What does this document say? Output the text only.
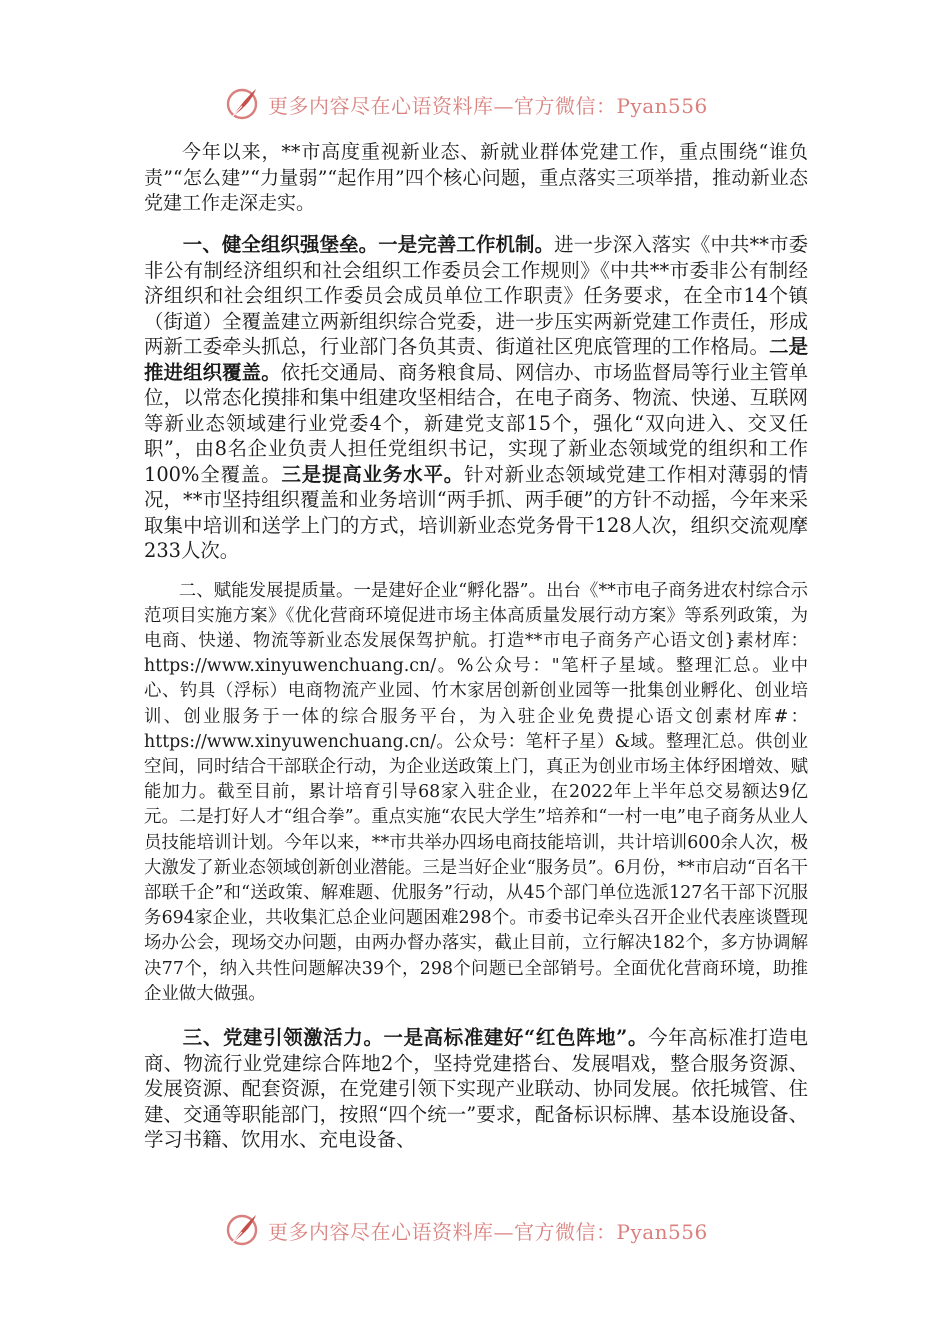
更多内容尽在心语资料库—官方微信：Pyan556

今年以来，**市高度重视新业态、新就业群体党建工作，重点围绕“谁负责”“怎么建”“力量弱”“起作用”四个核心问题，重点落实三项举措，推动新业态党建工作走深走实。

一、健全组织强堡垒。一是完善工作机制。进一步深入落实《中共**市委非公有制经济组织和社会组织工作委员会工作规则》《中共**市委非公有制经济组织和社会组织工作委员会成员单位工作职责》任务要求，在全市14个镇（街道）全覆盖建立两新组织综合党委，进一步压实两新党建工作责任，形成两新工委牵头抓总，行业部门各负其责、街道社区兜底管理的工作格局。二是推进组织覆盖。依托交通局、商务粮食局、网信办、市场监督局等行业主管单位，以常态化摸排和集中组建攻坚相结合，在电子商务、物流、快递、互联网等新业态领域建行业党委4个，新建党支部15个，强化“双向进入、交叉任职”，由8名企业负责人担任党组织书记，实现了新业态领域党的组织和工作100%全覆盖。三是提高业务水平。针对新业态领域党建工作相对薄弱的情况，**市坚持组织覆盖和业务培训“两手抓、两手硬”的方针不动摇，今年来采取集中培训和送学上门的方式，培训新业态党务骨干128人次，组织交流观摩233人次。

二、赋能发展提质量。一是建好企业“孵化器”。出台《**市电子商务进农村综合示范项目实施方案》《优化营商环境促进市场主体高质量发展行动方案》等系列政策，为电商、快递、物流等新业态发展保驾护航。打造**市电子商务产心语文创}素材库：https://www.xinyuwenchuang.cn/。%公众号："笔杆子星域。整理汇总。业中心、钓具（浮标）电商物流产业园、竹木家居创新创业园等一批集创业孵化、创业培训、创业服务于一体的综合服务平台，为入驻企业免费提心语文创素材库#：https://www.xinyuwenchuang.cn/。公众号：笔杆子星）&域。整理汇总。供创业空间，同时结合干部联企行动，为企业送政策上门，真正为创业市场主体纾困增效、赋能加力。截至目前，累计培育引导68家入驻企业，在2022年上半年总交易额达9亿元。二是打好人才“组合拳”。重点实施“农民大学生”培养和“一村一电”电子商务从业人员技能培训计划。今年以来，**市共举办四场电商技能培训，共计培训600余人次，极大激发了新业态领域创新创业潜能。三是当好企业“服务员”。6月份，**市启动“百名干部联千企”和“送政策、解难题、优服务”行动，从45个部门单位选派127名干部下沉服务694家企业，共收集汇总企业问题困难298个。市委书记牵头召开企业代表座谈暨现场办公会，现场交办问题，由两办督办落实，截止目前，立行解决182个，多方协调解决77个，纳入共性问题解决39个，298个问题已全部销号。全面优化营商环境，助推企业做大做强。

三、党建引领激活力。一是高标准建好“红色阵地”。今年高标准打造电商、物流行业党建综合阵地2个，坚持党建搭台、发展唱戏，整合服务资源、发展资源、配套资源，在党建引领下实现产业联动、协同发展。依托城管、住建、交通等职能部门，按照“四个统一”要求，配备标识标牌、基本设施设备、学习书籍、饮用水、充电设备、

更多内容尽在心语资料库—官方微信：Pyan556
